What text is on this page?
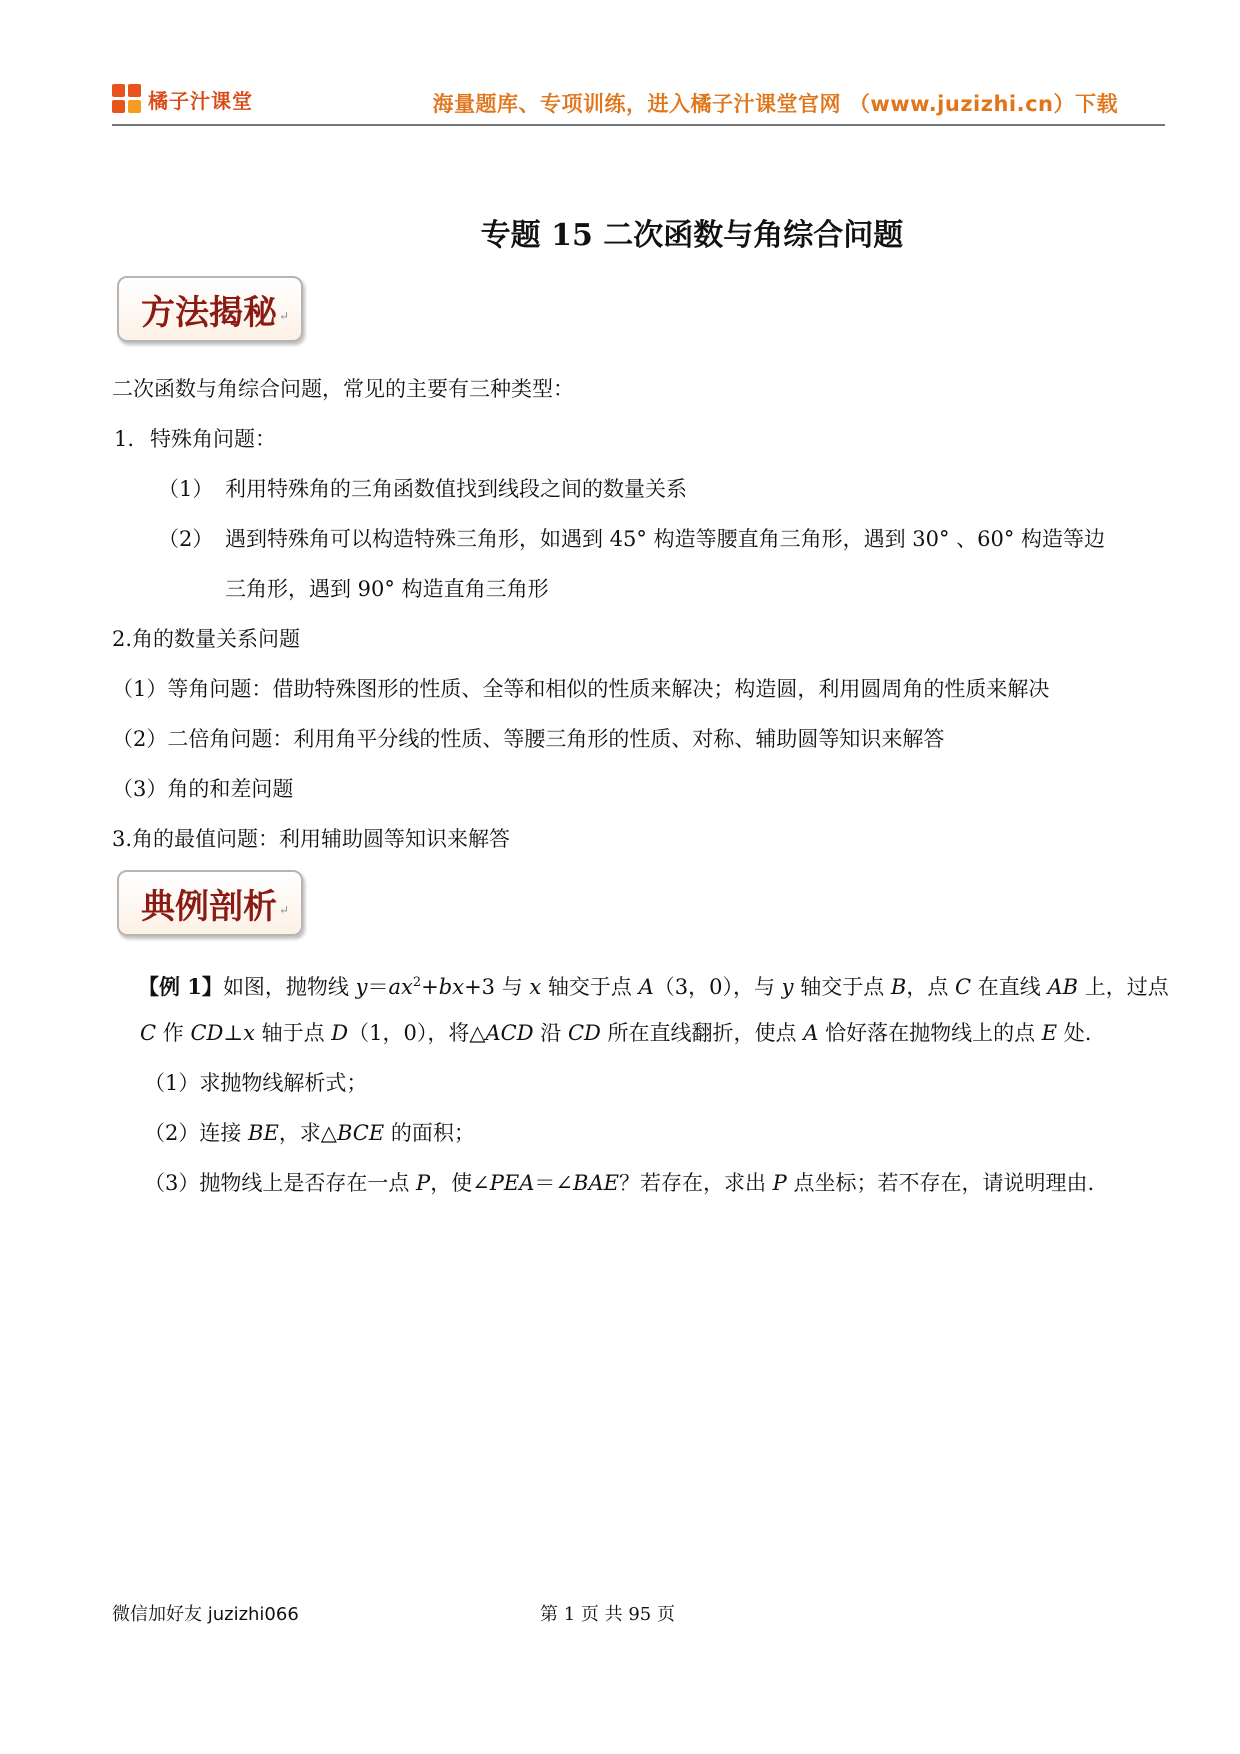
橘子汁课堂	海量题库、专项训练，进入橘子汁课堂官网 （www.juzizhi.cn）下载
专题 15 二次函数与角综合问题
方法揭秘 ↵
二次函数与角综合问题，常见的主要有三种类型：
1. 特殊角问题：
（1） 利用特殊角的三角函数值找到线段之间的数量关系
（2） 遇到特殊角可以构造特殊三角形，如遇到 45° 构造等腰直角三角形，遇到 30° 、60° 构造等边
三角形，遇到 90° 构造直角三角形
2.角的数量关系问题
（1）等角问题：借助特殊图形的性质、全等和相似的性质来解决；构造圆，利用圆周角的性质来解决
（2）二倍角问题：利用角平分线的性质、等腰三角形的性质、对称、辅助圆等知识来解答
（3）角的和差问题
3.角的最值问题：利用辅助圆等知识来解答
典例剖析 ↵
【例 1】如图，抛物线 $y=ax^2+bx+3$ 与 x 轴交于点 A（3，0），与 y 轴交于点 B，点 C 在直线 AB 上，过点
C 作 CD⊥x 轴于点 D（1，0），将△ACD 沿 CD 所在直线翻折，使点 A 恰好落在抛物线上的点 E 处.
（1）求抛物线解析式；
（2）连接 BE，求△BCE 的面积；
（3）抛物线上是否存在一点 P，使∠PEA＝∠BAE？若存在，求出 P 点坐标；若不存在，请说明理由.
微信加好友 juzizhi066	第 1 页 共 95 页
